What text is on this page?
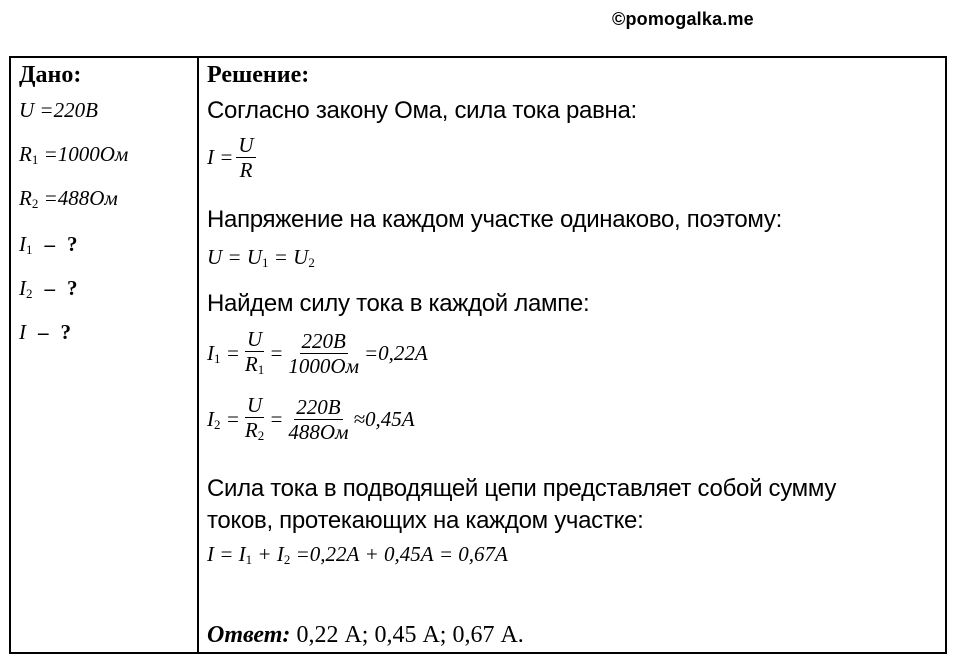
©pomogalka.me
Дано:
U = 220В
$R_1 = 1000Ом$
$R_2 = 488Ом$
$I_1$ – ?
$I_2$ – ?
I – ?
Решение:
Согласно закону Ома, сила тока равна:
$I = \frac{U}{R}$
Напряжение на каждом участке одинаково, поэтому:
$U = U_1 = U_2$
Найдем силу тока в каждой лампе:
$I_1 = \frac{U}{R_1} = \frac{220В}{1000Ом} = 0,22А$
$I_2 = \frac{U}{R_2} = \frac{220В}{488Ом} \approx 0,45А$
Сила тока в подводящей цепи представляет собой сумму
токов, протекающих на каждом участке:
$I = I_1 + I_2 = 0,22А + 0,45А = 0,67А$
Ответ: 0,22 А; 0,45 А; 0,67 А.
